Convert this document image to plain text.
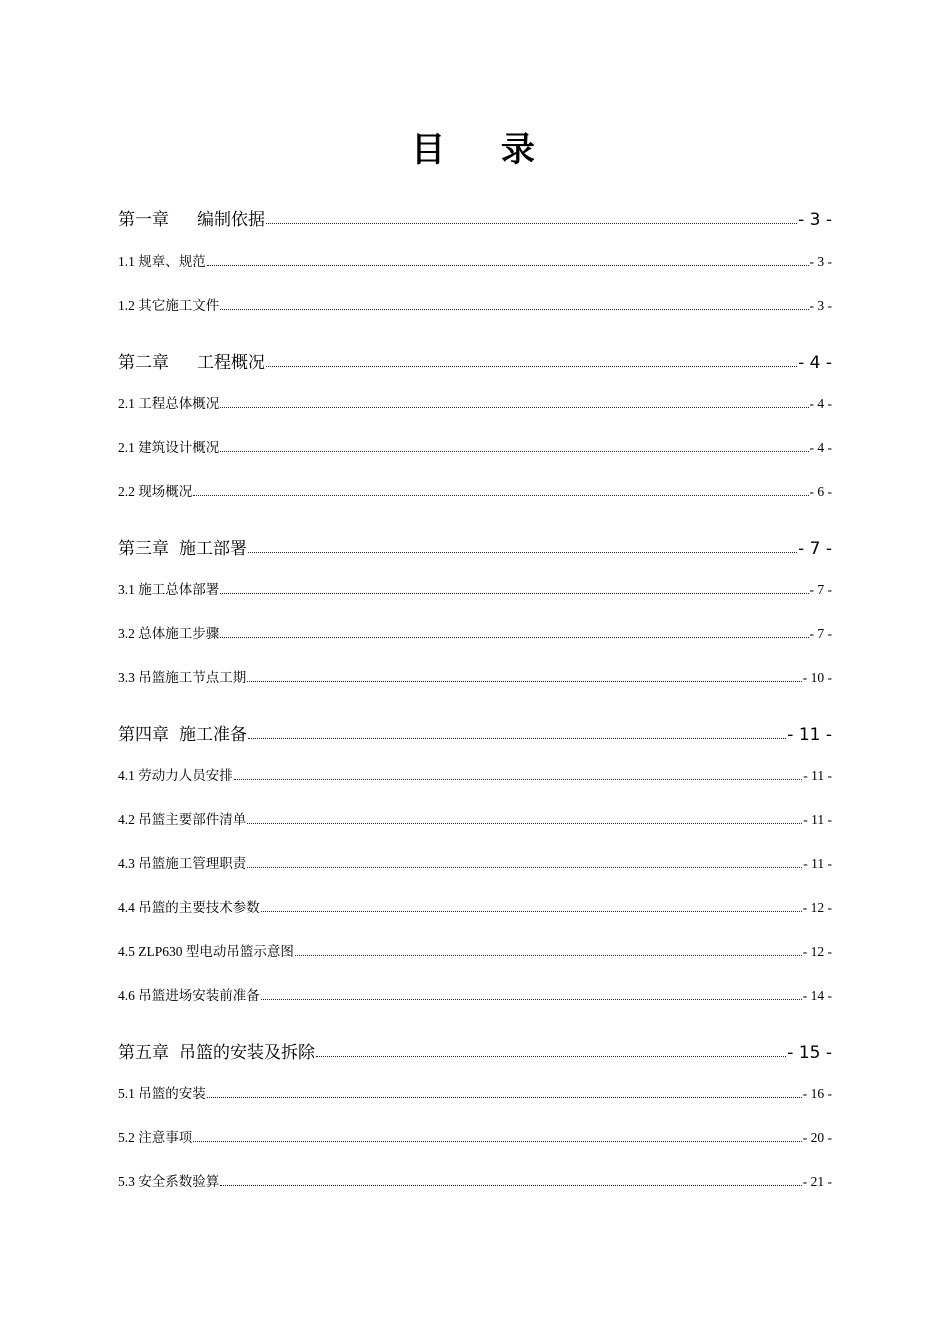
目 录
第一章 编制依据	- 3 -
1.1 规章、规范	- 3 -
1.2 其它施工文件	- 3 -
第二章 工程概况	- 4 -
2.1 工程总体概况	- 4 -
2.1 建筑设计概况	- 4 -
2.2 现场概况	- 6 -
第三章 施工部署	- 7 -
3.1 施工总体部署	- 7 -
3.2 总体施工步骤	- 7 -
3.3 吊篮施工节点工期	- 10 -
第四章 施工准备	- 11 -
4.1 劳动力人员安排	- 11 -
4.2 吊篮主要部件清单	- 11 -
4.3 吊篮施工管理职责	- 11 -
4.4 吊篮的主要技术参数	- 12 -
4.5 ZLP630 型电动吊篮示意图	- 12 -
4.6 吊篮进场安装前准备	- 14 -
第五章 吊篮的安装及拆除	- 15 -
5.1 吊篮的安装	- 16 -
5.2 注意事项	- 20 -
5.3 安全系数验算	- 21 -
